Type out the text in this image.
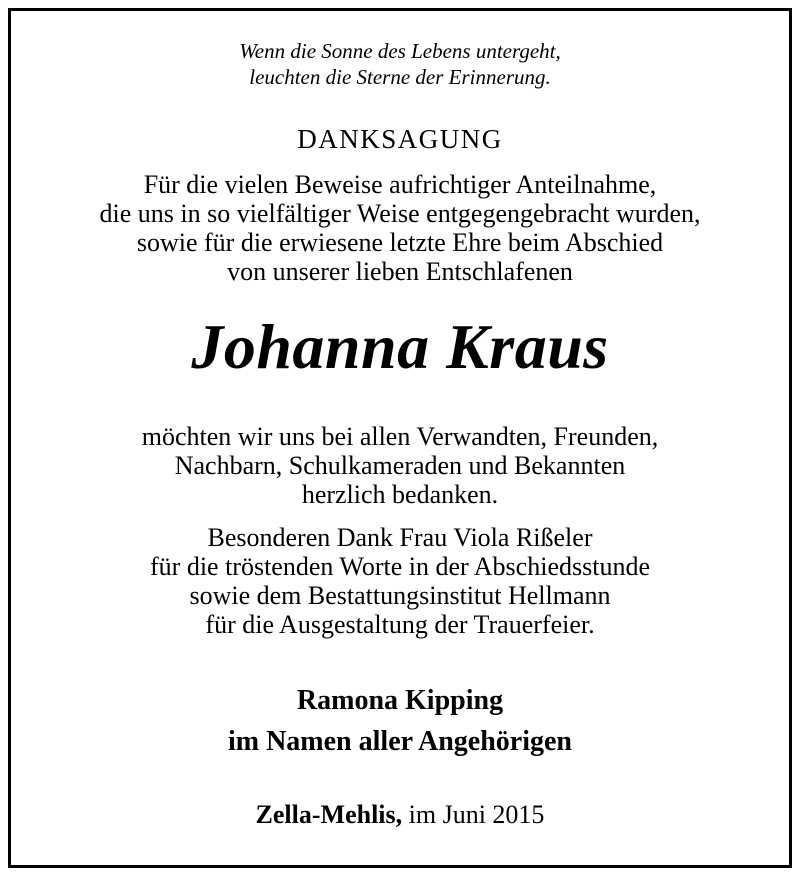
Wenn die Sonne des Lebens untergeht,
leuchten die Sterne der Erinnerung.
DANKSAGUNG
Für die vielen Beweise aufrichtiger Anteilnahme,
die uns in so vielfältiger Weise entgegengebracht wurden,
sowie für die erwiesene letzte Ehre beim Abschied
von unserer lieben Entschlafenen
Johanna Kraus
möchten wir uns bei allen Verwandten, Freunden,
Nachbarn, Schulkameraden und Bekannten
herzlich bedanken.
Besonderen Dank Frau Viola Rißeler
für die tröstenden Worte in der Abschiedsstunde
sowie dem Bestattungsinstitut Hellmann
für die Ausgestaltung der Trauerfeier.
Ramona Kipping
im Namen aller Angehörigen
Zella-Mehlis, im Juni 2015
